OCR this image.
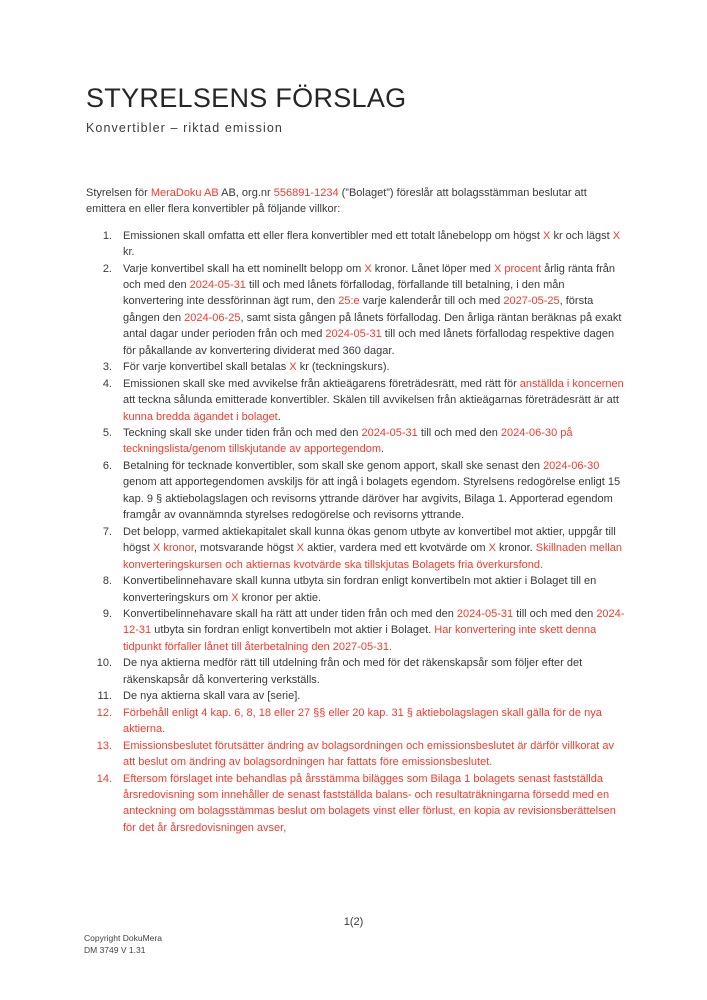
STYRELSENS FÖRSLAG
Konvertibler – riktad emission

Styrelsen för MeraDoku AB AB, org.nr 556891-1234 (”Bolaget”) föreslår att bolagsstämman beslutar att emittera en eller flera konvertibler på följande villkor:

1. Emissionen skall omfatta ett eller flera konvertibler med ett totalt lånebelopp om högst X kr och lägst X kr.
2. Varje konvertibel skall ha ett nominellt belopp om X kronor. Lånet löper med X procent årlig ränta från och med den 2024-05-31 till och med lånets förfallodag, förfallande till betalning, i den mån konvertering inte dessförinnan ägt rum, den 25:e varje kalenderår till och med 2027-05-25, första gången den 2024-06-25, samt sista gången på lånets förfallodag. Den årliga räntan beräknas på exakt antal dagar under perioden från och med 2024-05-31 till och med lånets förfallodag respektive dagen för påkallande av konvertering dividerat med 360 dagar.
3. För varje konvertibel skall betalas X kr (teckningskurs).
4. Emissionen skall ske med avvikelse från aktieägarens företrädesrätt, med rätt för anställda i koncernen att teckna sålunda emitterade konvertibler. Skälen till avvikelsen från aktieägarnas företrädesrätt är att kunna bredda ägandet i bolaget.
5. Teckning skall ske under tiden från och med den 2024-05-31 till och med den 2024-06-30 på teckningslista/genom tillskjutande av apportegendom.
6. Betalning för tecknade konvertibler, som skall ske genom apport, skall ske senast den 2024-06-30 genom att apportegendomen avskiljs för att ingå i bolagets egendom. Styrelsens redogörelse enligt 15 kap. 9 § aktiebolagslagen och revisorns yttrande däröver har avgivits, Bilaga 1. Apporterad egendom framgår av ovannämnda styrelses redogörelse och revisorns yttrande.
7. Det belopp, varmed aktiekapitalet skall kunna ökas genom utbyte av konvertibel mot aktier, uppgår till högst X kronor, motsvarande högst X aktier, vardera med ett kvotvärde om X kronor. Skillnaden mellan konverteringskursen och aktiernas kvotvärde ska tillskjutas Bolagets fria överkursfond.
8. Konvertibelinnehavare skall kunna utbyta sin fordran enligt konvertibeln mot aktier i Bolaget till en konverteringskurs om X kronor per aktie.
9. Konvertibelinnehavare skall ha rätt att under tiden från och med den 2024-05-31 till och med den 2024-12-31 utbyta sin fordran enligt konvertibeln mot aktier i Bolaget. Har konvertering inte skett denna tidpunkt förfaller lånet till återbetalning den 2027-05-31.
10. De nya aktierna medför rätt till utdelning från och med för det räkenskapsår som följer efter det räkenskapsår då konvertering verkställs.
11. De nya aktierna skall vara av [serie].
12. Förbehåll enligt 4 kap. 6, 8, 18 eller 27 §§ eller 20 kap. 31 § aktiebolagslagen skall gälla för de nya aktierna.
13. Emissionsbeslutet förutsätter ändring av bolagsordningen och emissionsbeslutet är därför villkorat av att beslut om ändring av bolagsordningen har fattats före emissionsbeslutet.
14. Eftersom förslaget inte behandlas på årsstämma bilägges som Bilaga 1 bolagets senast fastställda årsredovisning som innehåller de senast fastställda balans- och resultaträkningarna försedd med en anteckning om bolagsstämmas beslut om bolagets vinst eller förlust, en kopia av revisionsberättelsen för det år årsredovisningen avser,
1(2)
Copyright DokuMera
DM 3749 V 1.31
